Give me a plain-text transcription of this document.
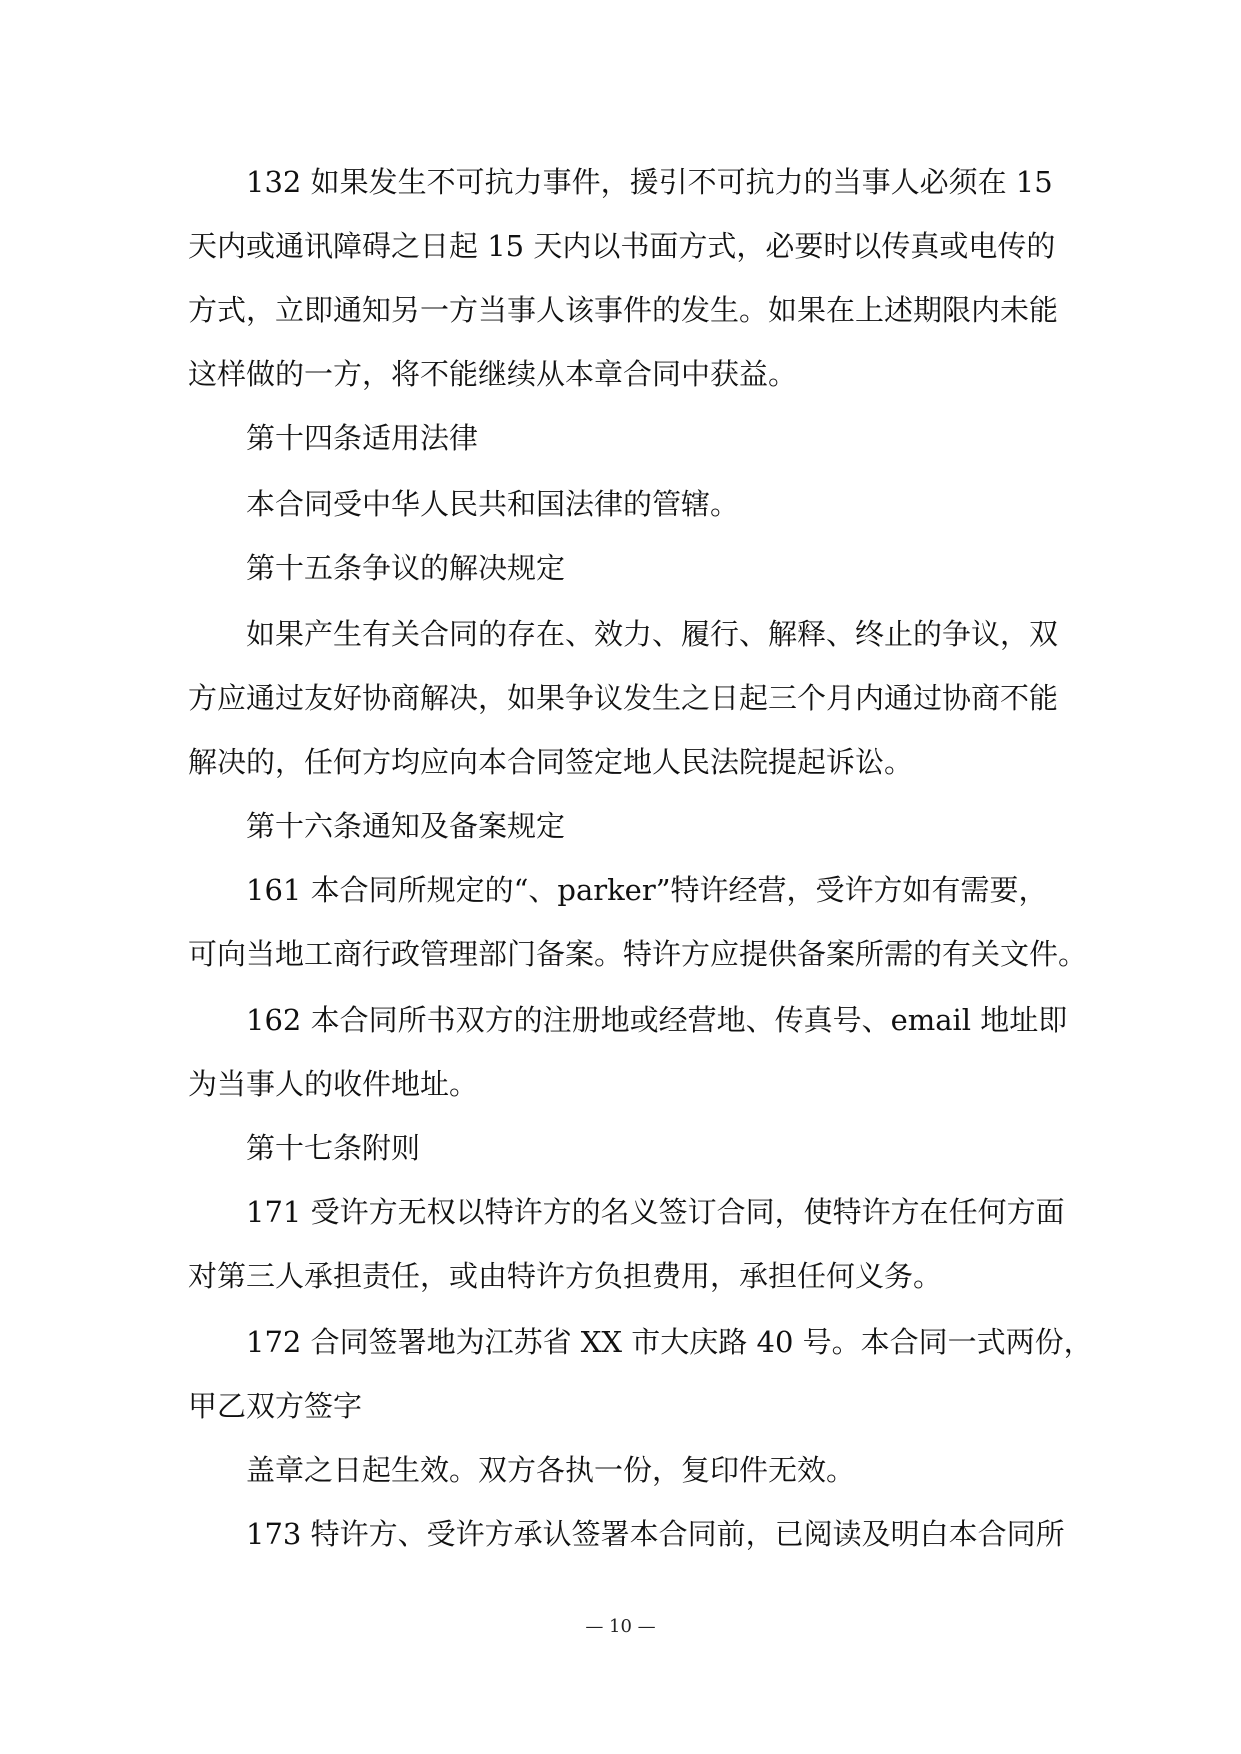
132 如果发生不可抗力事件，援引不可抗力的当事人必须在 15
天内或通讯障碍之日起 15 天内以书面方式，必要时以传真或电传的
方式，立即通知另一方当事人该事件的发生。如果在上述期限内未能
这样做的一方，将不能继续从本章合同中获益。
第十四条适用法律
本合同受中华人民共和国法律的管辖。
第十五条争议的解决规定
如果产生有关合同的存在、效力、履行、解释、终止的争议，双
方应通过友好协商解决，如果争议发生之日起三个月内通过协商不能
解决的，任何方均应向本合同签定地人民法院提起诉讼。
第十六条通知及备案规定
161 本合同所规定的“、parker”特许经营，受许方如有需要，
可向当地工商行政管理部门备案。特许方应提供备案所需的有关文件。
162 本合同所书双方的注册地或经营地、传真号、email 地址即
为当事人的收件地址。
第十七条附则
171 受许方无权以特许方的名义签订合同，使特许方在任何方面
对第三人承担责任，或由特许方负担费用，承担任何义务。
172 合同签署地为江苏省 XX 市大庆路 40 号。本合同一式两份，
甲乙双方签字
盖章之日起生效。双方各执一份，复印件无效。
173 特许方、受许方承认签署本合同前，已阅读及明白本合同所
— 10 —
